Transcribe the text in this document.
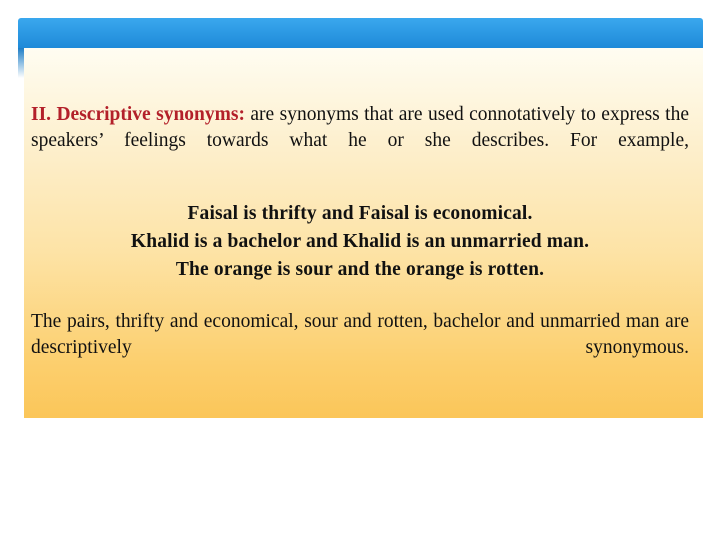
II. Descriptive synonyms: are synonyms that are used connotatively to express the speakers’ feelings towards what he or she describes. For example,

Faisal is thrifty and Faisal is economical.
Khalid is a bachelor and Khalid is an unmarried man.
The orange is sour and the orange is rotten.

The pairs, thrifty and economical, sour and rotten, bachelor and unmarried man are descriptively synonymous.
